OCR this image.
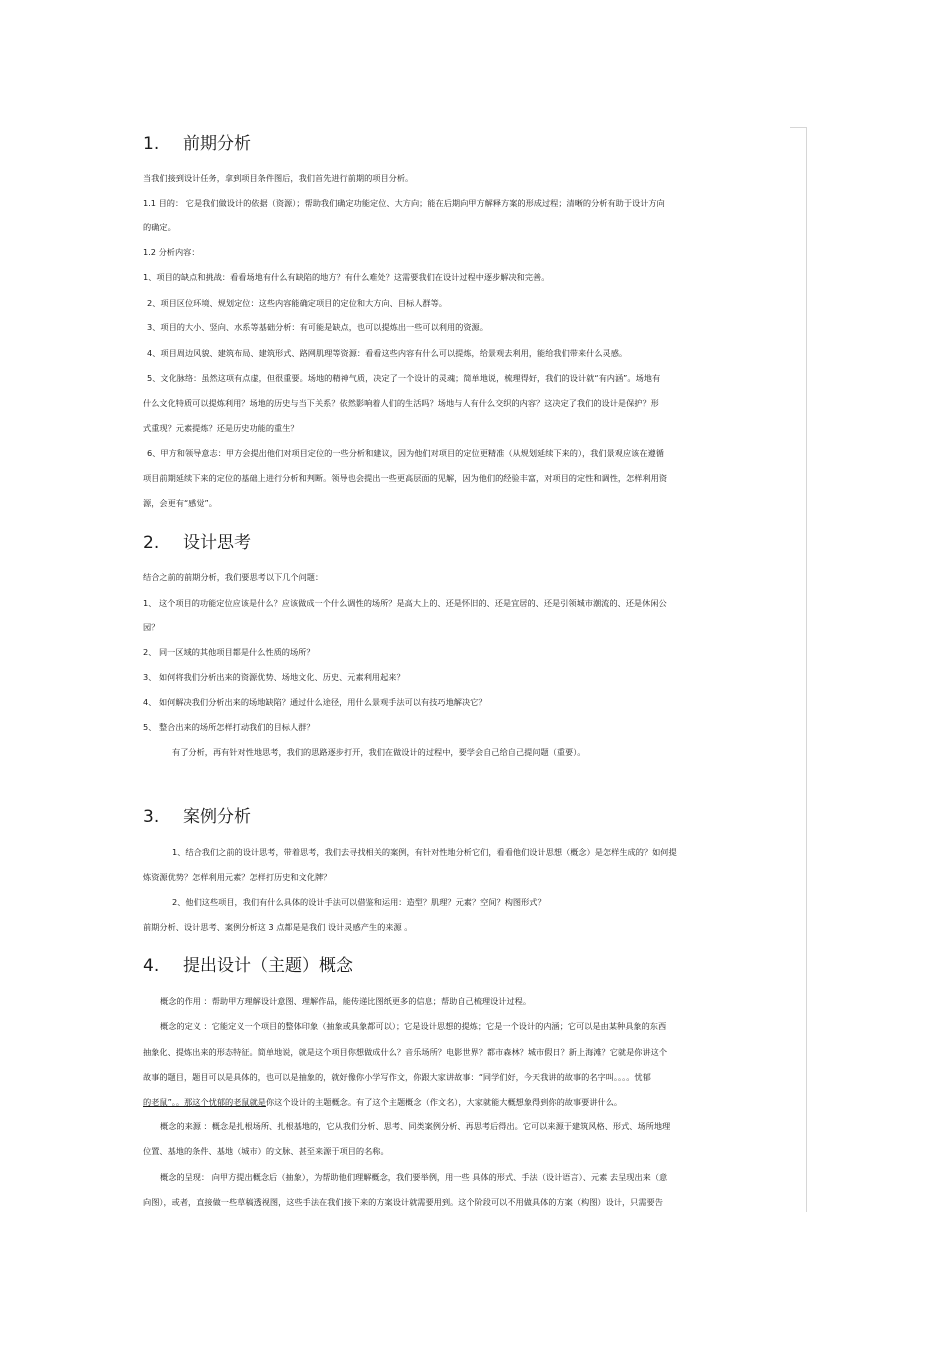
1. 前期分析
当我们接到设计任务，拿到项目条件图后，我们首先进行前期的项目分析。
1.1 目的： 它是我们做设计的依据（资源）；帮助我们确定功能定位、大方向；能在后期向甲方解释方案的形成过程；清晰的分析有助于设计方向
的确定。
1.2 分析内容：
1、项目的缺点和挑战：看看场地有什么有缺陷的地方？有什么难处？这需要我们在设计过程中逐步解决和完善。
2、项目区位环境、规划定位：这些内容能确定项目的定位和大方向、目标人群等。
3、项目的大小、竖向、水系等基础分析：有可能是缺点，也可以提炼出一些可以利用的资源。
4、项目周边风貌、建筑布局、建筑形式、路网肌理等资源：看看这些内容有什么可以提炼，给景观去利用，能给我们带来什么灵感。
5、文化脉络：虽然这项有点虚，但很重要。场地的精神气质，决定了一个设计的灵魂；简单地说，梳理得好，我们的设计就“有内涵”。场地有
什么文化特质可以提炼利用？场地的历史与当下关系？依然影响着人们的生活吗？场地与人有什么交织的内容？这决定了我们的设计是保护？形
式重现？元素提炼？还是历史功能的重生？
6、甲方和领导意志：甲方会提出他们对项目定位的一些分析和建议，因为他们对项目的定位更精准（从规划延续下来的），我们景观应该在遵循
项目前期延续下来的定位的基础上进行分析和判断。领导也会提出一些更高层面的见解，因为他们的经验丰富，对项目的定性和调性，怎样利用资
源，会更有“感觉”。
2. 设计思考
结合之前的前期分析，我们要思考以下几个问题：
1、 这个项目的功能定位应该是什么？应该做成一个什么调性的场所？是高大上的、还是怀旧的、还是宜居的、还是引领城市潮流的、还是休闲公
园？
2、 同一区域的其他项目都是什么性质的场所？
3、 如何将我们分析出来的资源优势、场地文化、历史、元素利用起来？
4、 如何解决我们分析出来的场地缺陷？通过什么途径，用什么景观手法可以有技巧地解决它？
5、 整合出来的场所怎样打动我们的目标人群？
有了分析，再有针对性地思考，我们的思路逐步打开，我们在做设计的过程中，要学会自己给自己提问题（重要）。
3. 案例分析
1、结合我们之前的设计思考，带着思考，我们去寻找相关的案例，有针对性地分析它们，看看他们设计思想（概念）是怎样生成的？如何提
炼资源优势？怎样利用元素？怎样打历史和文化牌？
2、他们这些项目，我们有什么具体的设计手法可以借鉴和运用：造型？肌理？元素？空间？构图形式？
前期分析、设计思考、案例分析这 3 点都是是我们 设计灵感产生的来源 。
4. 提出设计（主题）概念
概念的作用 ：帮助甲方理解设计意图、理解作品，能传递比图纸更多的信息；帮助自己梳理设计过程。
概念的定义 ：它能定义一个项目的整体印象（抽象或具象都可以）；它是设计思想的提炼；它是一个设计的内涵；它可以是由某种具象的东西
抽象化、提炼出来的形态特征。简单地说，就是这个项目你想做成什么？音乐场所？电影世界？都市森林？城市假日？新上海滩？它就是你讲这个
故事的题目，题目可以是具体的，也可以是抽象的，就好像你小学写作文，你跟大家讲故事：“同学们好，今天我讲的故事的名字叫。。。。忧郁
的老鼠”。。那这个忧郁的老鼠就是你这个设计的主题概念。有了这个主题概念（作文名），大家就能大概想象得到你的故事要讲什么。
概念的来源 ：概念是扎根场所、扎根基地的，它从我们分析、思考、同类案例分析、再思考后得出。它可以来源于建筑风格、形式、场所地理
位置、基地的条件、基地（城市）的文脉、甚至来源于项目的名称。
概念的呈现： 向甲方提出概念后（抽象），为帮助他们理解概念，我们要举例，用一些 具体的形式、手法（设计语言）、元素 去呈现出来（意
向图），或者，直接做一些草稿透视图，这些手法在我们接下来的方案设计就需要用到。这个阶段可以不用做具体的方案（构图）设计，只需要告
